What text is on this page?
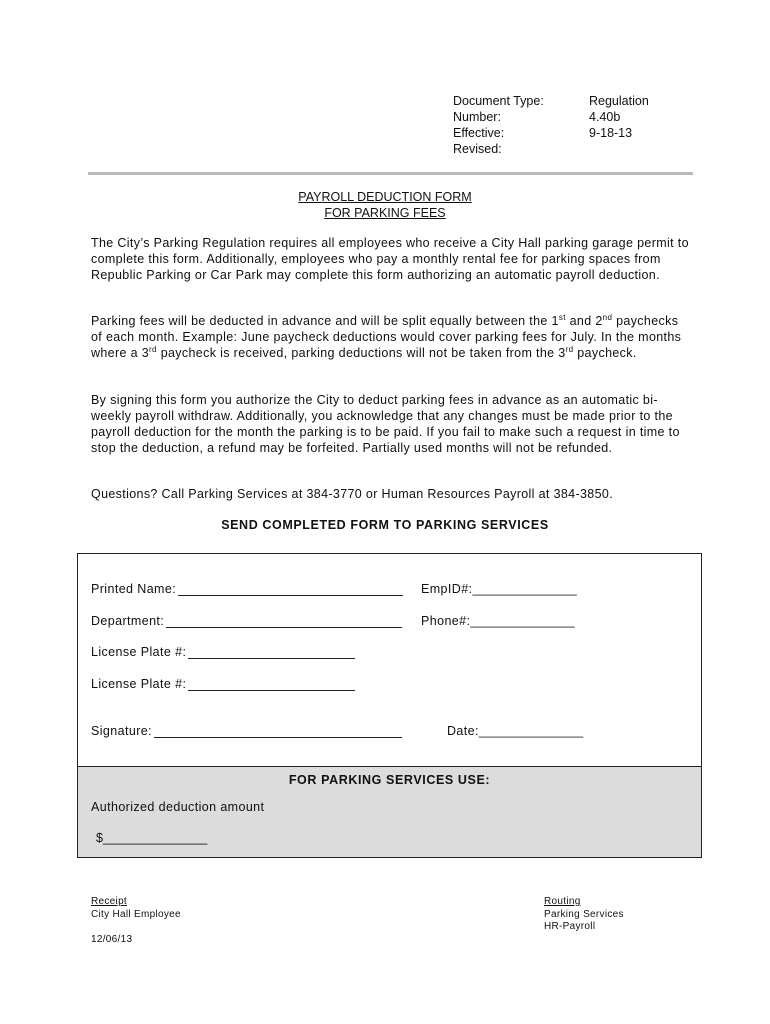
Document Type:	Regulation
Number:	4.40b
Effective:	9-18-13
Revised:
PAYROLL DEDUCTION FORM
FOR PARKING FEES

The City’s Parking Regulation requires all employees who receive a City Hall parking garage permit to complete this form. Additionally, employees who pay a monthly rental fee for parking spaces from Republic Parking or Car Park may complete this form authorizing an automatic payroll deduction.

Parking fees will be deducted in advance and will be split equally between the 1st and 2nd paychecks of each month. Example: June paycheck deductions would cover parking fees for July. In the months where a 3rd paycheck is received, parking deductions will not be taken from the 3rd paycheck.

By signing this form you authorize the City to deduct parking fees in advance as an automatic bi-weekly payroll withdraw. Additionally, you acknowledge that any changes must be made prior to the payroll deduction for the month the parking is to be paid. If you fail to make such a request in time to stop the deduction, a refund may be forfeited. Partially used months will not be refunded.

Questions? Call Parking Services at 384-3770 or Human Resources Payroll at 384-3850.

SEND COMPLETED FORM TO PARKING SERVICES
Printed Name:	EmpID#: _______________
Department:	Phone#: _______________
License Plate #:
License Plate #:
Signature:	Date: _______________
FOR PARKING SERVICES USE:
Authorized deduction amount
$_______________
Receipt
City Hall Employee
12/06/13
Routing
Parking Services
HR-Payroll
